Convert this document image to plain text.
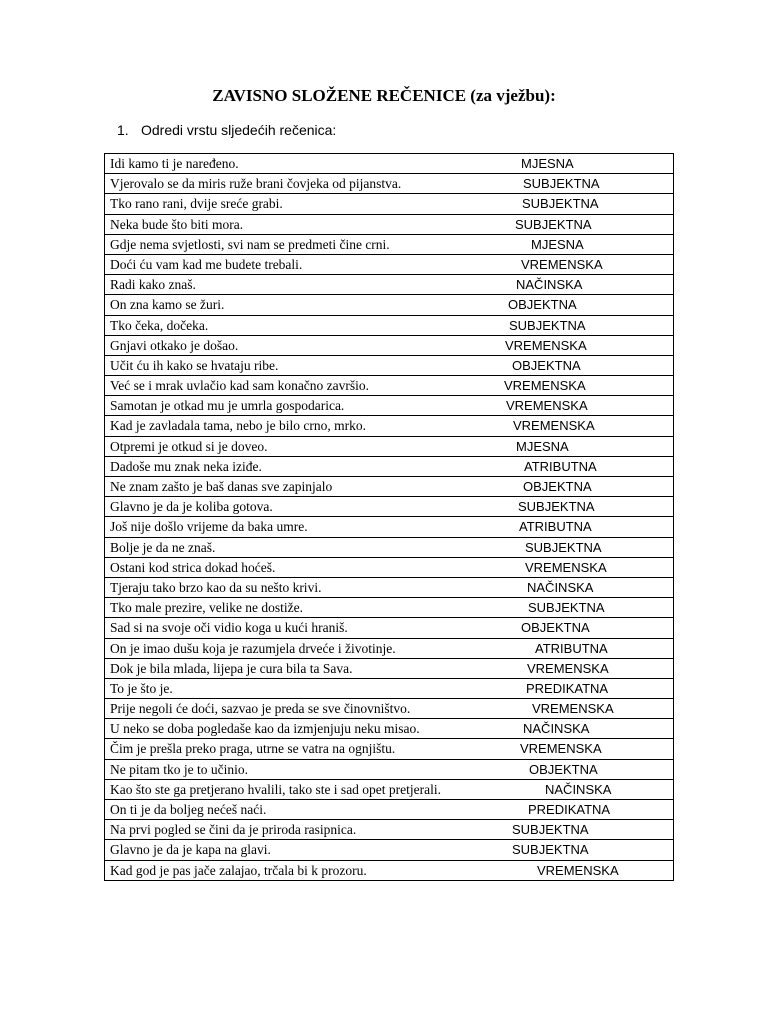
ZAVISNO SLOŽENE REČENICE (za vježbu):

1. Odredi vrstu sljedećih rečenica:

Idi kamo ti je naređeno.	MJESNA

Vjerovalo se da miris ruže brani čovjeka od pijanstva.	SUBJEKTNA

Tko rano rani, dvije sreće grabi.	SUBJEKTNA

Neka bude što biti mora.	SUBJEKTNA

Gdje nema svjetlosti, svi nam se predmeti čine crni.	MJESNA

Doći ću vam kad me budete trebali.	VREMENSKA

Radi kako znaš.	NAČINSKA

On zna kamo se žuri.	OBJEKTNA

Tko čeka, dočeka.	SUBJEKTNA

Gnjavi otkako je došao.	VREMENSKA

Učit ću ih kako se hvataju ribe.	OBJEKTNA

Već se i mrak uvlačio kad sam konačno završio.	VREMENSKA

Samotan je otkad mu je umrla gospodarica.	VREMENSKA

Kad je zavladala tama, nebo je bilo crno, mrko.	VREMENSKA

Otpremi je otkud si je doveo.	MJESNA

Dadoše mu znak neka iziđe.	ATRIBUTNA

Ne znam zašto je baš danas sve zapinjalo	OBJEKTNA

Glavno je da je koliba gotova.	SUBJEKTNA

Još nije došlo vrijeme da baka umre.	ATRIBUTNA

Bolje je da ne znaš.	SUBJEKTNA

Ostani kod strica dokad hoćeš.	VREMENSKA

Tjeraju tako brzo kao da su nešto krivi.	NAČINSKA

Tko male prezire, velike ne dostiže.	SUBJEKTNA

Sad si na svoje oči vidio koga u kući hraniš.	OBJEKTNA

On je imao dušu koja je razumjela drveće i životinje.	ATRIBUTNA

Dok je bila mlada, lijepa je cura bila ta Sava.	VREMENSKA

To je što je.	PREDIKATNA

Prije negoli će doći, sazvao je preda se sve činovništvo.	VREMENSKA

U neko se doba pogledaše kao da izmjenjuju neku misao.	NAČINSKA

Čim je prešla preko praga, utrne se vatra na ognjištu.	VREMENSKA

Ne pitam tko je to učinio.	OBJEKTNA

Kao što ste ga pretjerano hvalili, tako ste i sad opet pretjerali.	NAČINSKA

On ti je da boljeg nećeš naći.	PREDIKATNA

Na prvi pogled se čini da je priroda rasipnica.	SUBJEKTNA

Glavno je da je kapa na glavi.	SUBJEKTNA

Kad god je pas jače zalajao, trčala bi k prozoru.	VREMENSKA
